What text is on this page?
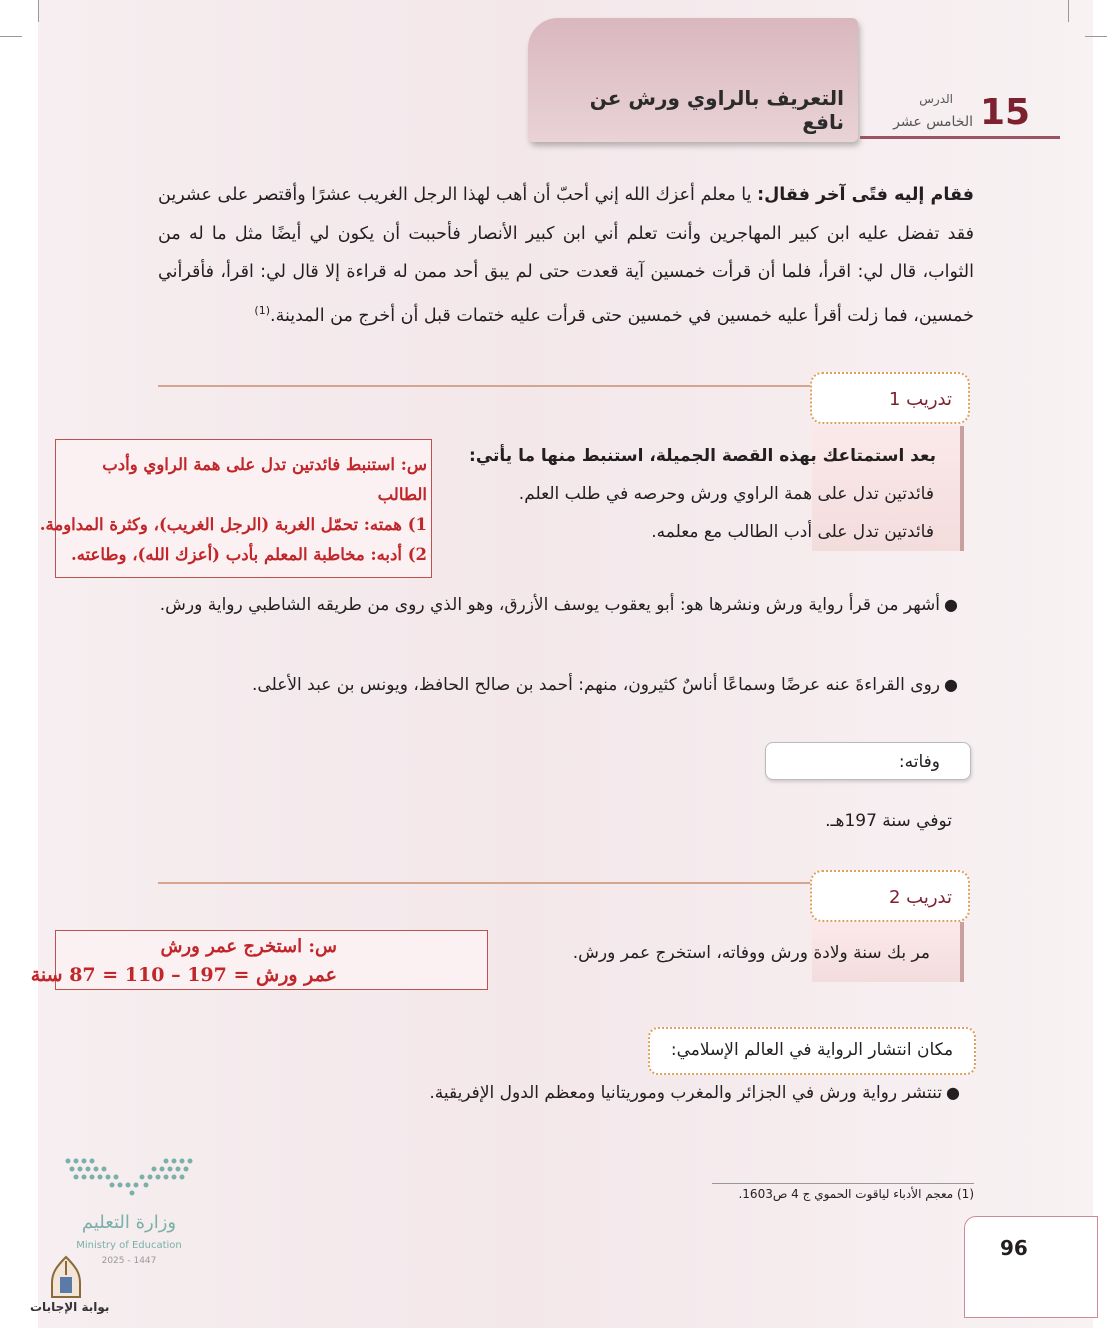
التعريف بالراوي ورش عن نافع	15
الدرس
الخامس عشر
فقام إليه فتًى آخر فقال: يا معلم أعزك الله إني أحبّ أن أهب لهذا الرجل الغريب عشرًا وأقتصر على عشرين فقد تفضل عليه ابن كبير المهاجرين وأنت تعلم أني ابن كبير الأنصار فأحببت أن يكون لي أيضًا مثل ما له من الثواب، قال لي: اقرأ، فلما أن قرأت خمسين آية قعدت حتى لم يبق أحد ممن له قراءة إلا قال لي: اقرأ، فأقرأني خمسين، فما زلت أقرأ عليه خمسين في خمسين حتى قرأت عليه ختمات قبل أن أخرج من المدينة.$^{(1)}$
تدريب 1
بعد استمتاعك بهذه القصة الجميلة، استنبط منها ما يأتي:
فائدتين تدل على همة الراوي ورش وحرصه في طلب العلم.
فائدتين تدل على أدب الطالب مع معلمه.
س: استنبط فائدتين تدل على همة الراوي وأدب الطالب
1) همته: تحمّل الغربة (الرجل الغريب)، وكثرة المداومة.
2) أدبه: مخاطبة المعلم بأدب (أعزك الله)، وطاعته.
●أشهر من قرأ رواية ورش ونشرها هو: أبو يعقوب يوسف الأزرق، وهو الذي روى من طريقه الشاطبي رواية ورش.
●روى القراءةَ عنه عرضًا وسماعًا أناسٌ كثيرون، منهم: أحمد بن صالح الحافظ، ويونس بن عبد الأعلى.
وفاته:
توفي سنة 197هـ.
تدريب 2
مر بك سنة ولادة ورش ووفاته، استخرج عمر ورش.
س: استخرج عمر ورش
عمر ورش = 197 – 110 = 87 سنة
مكان انتشار الرواية في العالم الإسلامي:
●تنتشر رواية ورش في الجزائر والمغرب وموريتانيا ومعظم الدول الإفريقية.
(1) معجم الأدباء لياقوت الحموي ج 4 ص1603.
96
وزارة التعليم
Ministry of Education
2025 - 1447
بوابة الإجابات
